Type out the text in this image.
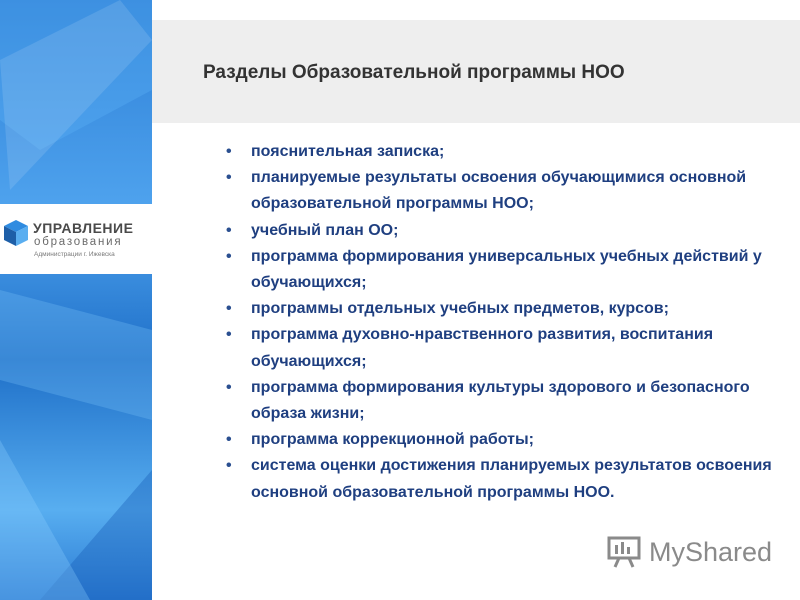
УПРАВЛЕНИЕ
образования
Администрации г. Ижевска
Разделы Образовательной программы НОО
• пояснительная записка;
• планируемые результаты освоения обучающимися основной образовательной программы НОО;
• учебный план ОО;
• программа формирования универсальных учебных действий у обучающихся;
• программы отдельных учебных предметов, курсов;
• программа духовно-нравственного развития, воспитания обучающихся;
• программа формирования культуры здорового и безопасного образа жизни;
• программа коррекционной работы;
• система оценки достижения планируемых результатов освоения основной образовательной программы НОО.
MyShared
